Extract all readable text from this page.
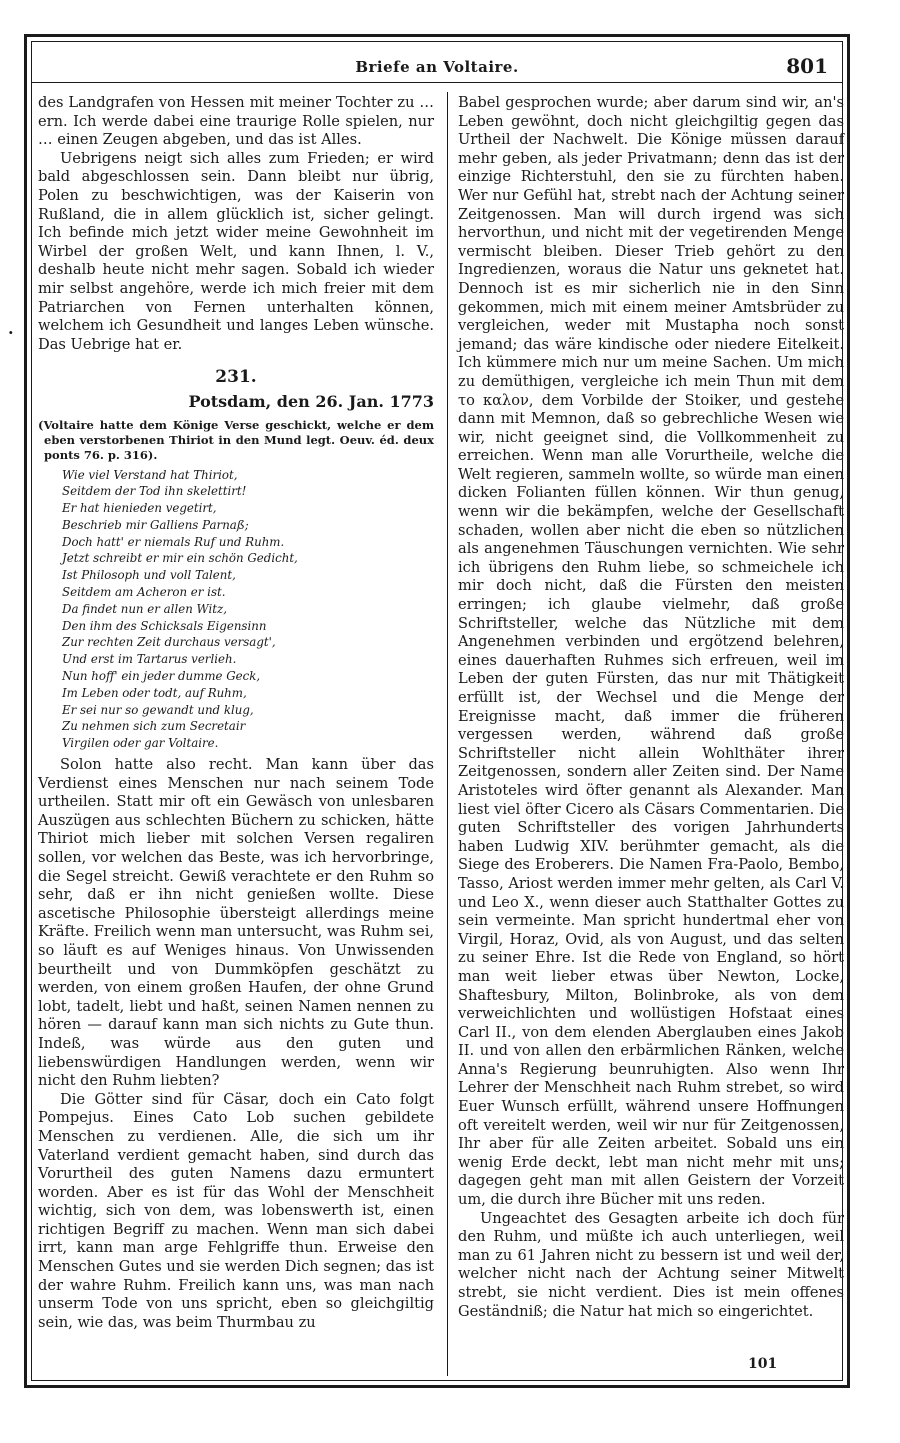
Briefe an Voltaire.	801

des Landgrafen von Hessen mit meiner Tochter zu …ern. Ich werde dabei eine traurige Rolle spielen, nur … einen Zeugen abgeben, und das ist Alles.

Uebrigens neigt sich alles zum Frieden; er wird bald abgeschlossen sein. Dann bleibt nur übrig, Polen zu beschwichtigen, was der Kaiserin von Rußland, die in allem glücklich ist, sicher gelingt. Ich befinde mich jetzt wider meine Gewohnheit im Wirbel der großen Welt, und kann Ihnen, l. V., deshalb heute nicht mehr sagen. Sobald ich wieder mir selbst angehöre, werde ich mich freier mit dem Patriarchen von Fernen unterhalten können, welchem ich Gesundheit und langes Leben wünsche. Das Uebrige hat er.

231.
Potsdam, den 26. Jan. 1773
(Voltaire hatte dem Könige Verse geschickt, welche er dem eben verstorbenen Thiriot in den Mund legt. Oeuv. éd. deux ponts 76. p. 316).
Wie viel Verstand hat Thiriot,
Seitdem der Tod ihn skelettirt!
Er hat hienieden vegetirt,
Beschrieb mir Galliens Parnaß;
Doch hatt' er niemals Ruf und Ruhm.
Jetzt schreibt er mir ein schön Gedicht,
Ist Philosoph und voll Talent,
Seitdem am Acheron er ist.
Da findet nun er allen Witz,
Den ihm des Schicksals Eigensinn
Zur rechten Zeit durchaus versagt',
Und erst im Tartarus verlieh.
Nun hoff' ein jeder dumme Geck,
Im Leben oder todt, auf Ruhm,
Er sei nur so gewandt und klug,
Zu nehmen sich zum Secretair
Virgilen oder gar Voltaire.

Solon hatte also recht. Man kann über das Verdienst eines Menschen nur nach seinem Tode urtheilen. Statt mir oft ein Gewäsch von unlesbaren Auszügen aus schlechten Büchern zu schicken, hätte Thiriot mich lieber mit solchen Versen regaliren sollen, vor welchen das Beste, was ich hervorbringe, die Segel streicht. Gewiß verachtete er den Ruhm so sehr, daß er ihn nicht genießen wollte. Diese ascetische Philosophie übersteigt allerdings meine Kräfte. Freilich wenn man untersucht, was Ruhm sei, so läuft es auf Weniges hinaus. Von Unwissenden beurtheilt und von Dummköpfen geschätzt zu werden, von einem großen Haufen, der ohne Grund lobt, tadelt, liebt und haßt, seinen Namen nennen zu hören — darauf kann man sich nichts zu Gute thun. Indeß, was würde aus den guten und liebenswürdigen Handlungen werden, wenn wir nicht den Ruhm liebten?

Die Götter sind für Cäsar, doch ein Cato folgt Pompejus. Eines Cato Lob suchen gebildete Menschen zu verdienen. Alle, die sich um ihr Vaterland verdient gemacht haben, sind durch das Vorurtheil des guten Namens dazu ermuntert worden. Aber es ist für das Wohl der Menschheit wichtig, sich von dem, was lobenswerth ist, einen richtigen Begriff zu machen. Wenn man sich dabei irrt, kann man arge Fehlgriffe thun. Erweise den Menschen Gutes und sie werden Dich segnen; das ist der wahre Ruhm. Freilich kann uns, was man nach unserm Tode von uns spricht, eben so gleichgiltig sein, wie das, was beim Thurmbau zu

Babel gesprochen wurde; aber darum sind wir, an's Leben gewöhnt, doch nicht gleichgiltig gegen das Urtheil der Nachwelt. Die Könige müssen darauf mehr geben, als jeder Privatmann; denn das ist der einzige Richterstuhl, den sie zu fürchten haben. Wer nur Gefühl hat, strebt nach der Achtung seiner Zeitgenossen. Man will durch irgend was sich hervorthun, und nicht mit der vegetirenden Menge vermischt bleiben. Dieser Trieb gehört zu den Ingredienzen, woraus die Natur uns geknetet hat. Dennoch ist es mir sicherlich nie in den Sinn gekommen, mich mit einem meiner Amtsbrüder zu vergleichen, weder mit Mustapha noch sonst jemand; das wäre kindische oder niedere Eitelkeit. Ich kümmere mich nur um meine Sachen. Um mich zu demüthigen, vergleiche ich mein Thun mit dem το καλον, dem Vorbilde der Stoiker, und gestehe dann mit Memnon, daß so gebrechliche Wesen wie wir, nicht geeignet sind, die Vollkommenheit zu erreichen. Wenn man alle Vorurtheile, welche die Welt regieren, sammeln wollte, so würde man einen dicken Folianten füllen können. Wir thun genug, wenn wir die bekämpfen, welche der Gesellschaft schaden, wollen aber nicht die eben so nützlichen als angenehmen Täuschungen vernichten. Wie sehr ich übrigens den Ruhm liebe, so schmeichele ich mir doch nicht, daß die Fürsten den meisten erringen; ich glaube vielmehr, daß große Schriftsteller, welche das Nützliche mit dem Angenehmen verbinden und ergötzend belehren, eines dauerhaften Ruhmes sich erfreuen, weil im Leben der guten Fürsten, das nur mit Thätigkeit erfüllt ist, der Wechsel und die Menge der Ereignisse macht, daß immer die früheren vergessen werden, während daß große Schriftsteller nicht allein Wohlthäter ihrer Zeitgenossen, sondern aller Zeiten sind. Der Name Aristoteles wird öfter genannt als Alexander. Man liest viel öfter Cicero als Cäsars Commentarien. Die guten Schriftsteller des vorigen Jahrhunderts haben Ludwig XIV. berühmter gemacht, als die Siege des Eroberers. Die Namen Fra-Paolo, Bembo, Tasso, Ariost werden immer mehr gelten, als Carl V. und Leo X., wenn dieser auch Statthalter Gottes zu sein vermeinte. Man spricht hundertmal eher von Virgil, Horaz, Ovid, als von August, und das selten zu seiner Ehre. Ist die Rede von England, so hört man weit lieber etwas über Newton, Locke, Shaftesbury, Milton, Bolinbroke, als von dem verweichlichten und wollüstigen Hofstaat eines Carl II., von dem elenden Aberglauben eines Jakob II. und von allen den erbärmlichen Ränken, welche Anna's Regierung beunruhigten. Also wenn Ihr Lehrer der Menschheit nach Ruhm strebet, so wird Euer Wunsch erfüllt, während unsere Hoffnungen oft vereitelt werden, weil wir nur für Zeitgenossen, Ihr aber für alle Zeiten arbeitet. Sobald uns ein wenig Erde deckt, lebt man nicht mehr mit uns; dagegen geht man mit allen Geistern der Vorzeit um, die durch ihre Bücher mit uns reden.

Ungeachtet des Gesagten arbeite ich doch für den Ruhm, und müßte ich auch unterliegen, weil man zu 61 Jahren nicht zu bessern ist und weil der, welcher nicht nach der Achtung seiner Mitwelt strebt, sie nicht verdient. Dies ist mein offenes Geständniß; die Natur hat mich so eingerichtet.

101
·
